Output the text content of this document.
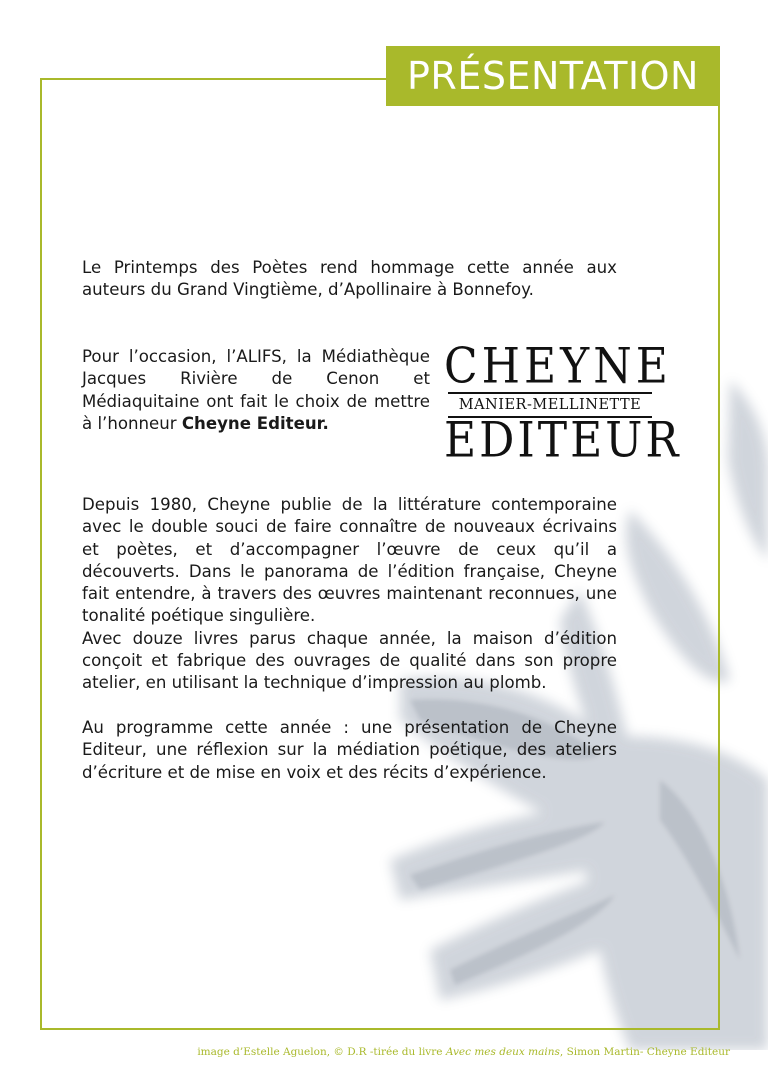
PRÉSENTATION

Le Printemps des Poètes rend hommage cette année aux auteurs du Grand Vingtième, d’Apollinaire à Bonnefoy.

Pour l’occasion, l’ALIFS, la Médiathèque Jacques Rivière de Cenon et Médiaquitaine ont fait le choix de mettre à l’honneur Cheyne Editeur.
CHEYNE
MANIER-MELLINETTE
EDITEUR

Depuis 1980, Cheyne publie de la littérature contemporaine avec le double souci de faire connaître de nouveaux écrivains et poètes, et d’accompagner l’œuvre de ceux qu’il a découverts. Dans le panorama de l’édition française, Cheyne fait entendre, à travers des œuvres maintenant reconnues, une tonalité poétique singulière.

Avec douze livres parus chaque année, la maison d’édition conçoit et fabrique des ouvrages de qualité dans son propre atelier, en utilisant la technique d’impression au plomb.

Au programme cette année : une présentation de Cheyne Editeur, une réflexion sur la médiation poétique, des ateliers d’écriture et de mise en voix et des récits d’expérience.

image d’Estelle Aguelon, © D.R -tirée du livre Avec mes deux mains, Simon Martin- Cheyne Editeur
